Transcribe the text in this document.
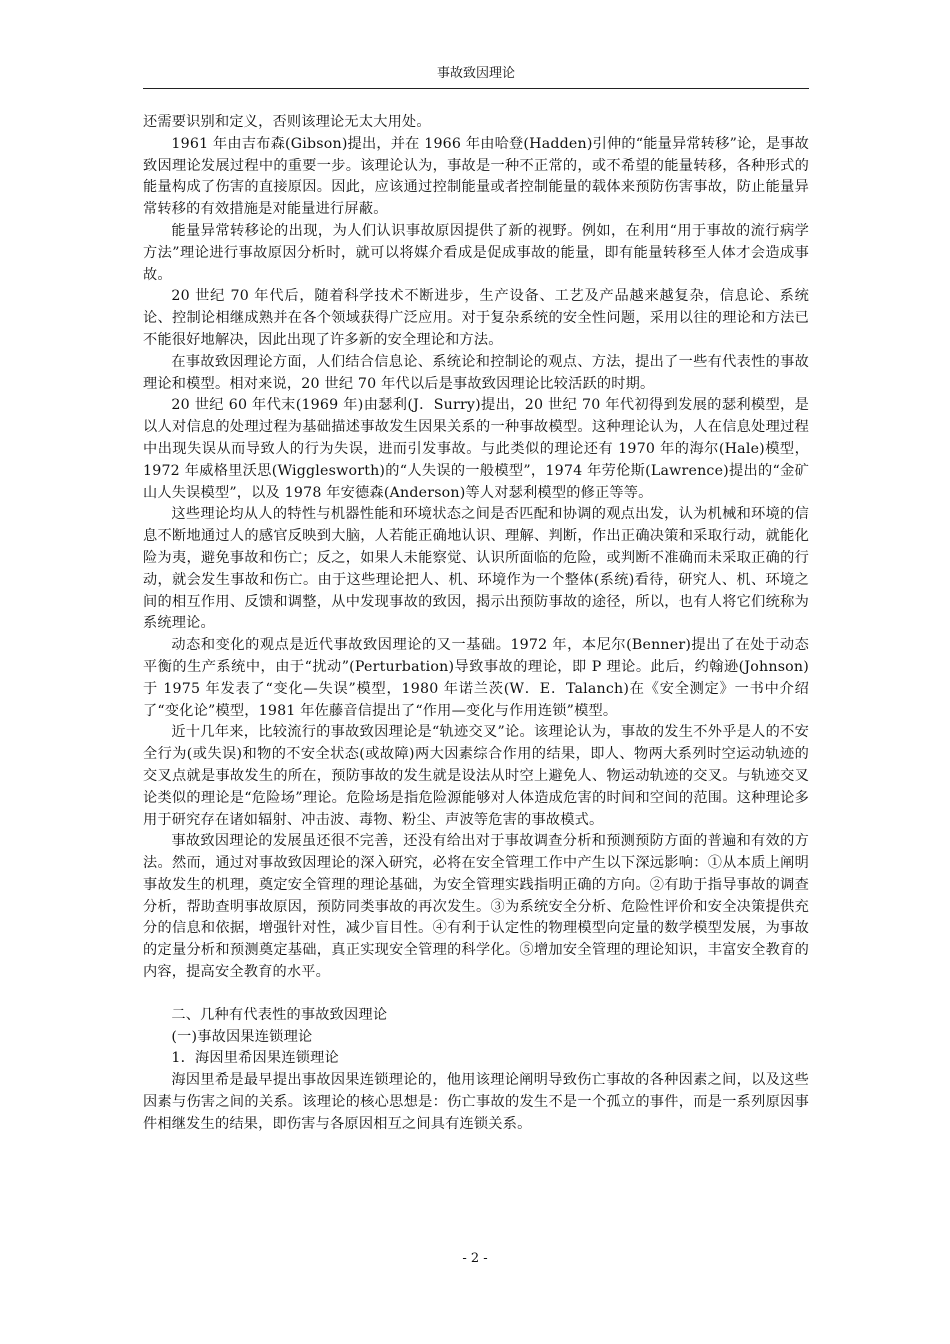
事故致因理论

还需要识别和定义，否则该理论无太大用处。

1961 年由吉布森(Gibson)提出，并在 1966 年由哈登(Hadden)引伸的“能量异常转移”论，是事故致因理论发展过程中的重要一步。该理论认为，事故是一种不正常的，或不希望的能量转移，各种形式的能量构成了伤害的直接原因。因此，应该通过控制能量或者控制能量的载体来预防伤害事故，防止能量异常转移的有效措施是对能量进行屏蔽。

能量异常转移论的出现，为人们认识事故原因提供了新的视野。例如，在利用“用于事故的流行病学方法”理论进行事故原因分析时，就可以将媒介看成是促成事故的能量，即有能量转移至人体才会造成事故。

20 世纪 70 年代后，随着科学技术不断进步，生产设备、工艺及产品越来越复杂，信息论、系统论、控制论相继成熟并在各个领域获得广泛应用。对于复杂系统的安全性问题，采用以往的理论和方法已不能很好地解决，因此出现了许多新的安全理论和方法。

在事故致因理论方面，人们结合信息论、系统论和控制论的观点、方法，提出了一些有代表性的事故理论和模型。相对来说，20 世纪 70 年代以后是事故致因理论比较活跃的时期。

20 世纪 60 年代末(1969 年)由瑟利(J．Surry)提出，20 世纪 70 年代初得到发展的瑟利模型，是以人对信息的处理过程为基础描述事故发生因果关系的一种事故模型。这种理论认为，人在信息处理过程中出现失误从而导致人的行为失误，进而引发事故。与此类似的理论还有 1970 年的海尔(Hale)模型，1972 年威格里沃思(Wigglesworth)的“人失误的一般模型”，1974 年劳伦斯(Lawrence)提出的“金矿山人失误模型”，以及 1978 年安德森(Anderson)等人对瑟利模型的修正等等。

这些理论均从人的特性与机器性能和环境状态之间是否匹配和协调的观点出发，认为机械和环境的信息不断地通过人的感官反映到大脑，人若能正确地认识、理解、判断，作出正确决策和采取行动，就能化险为夷，避免事故和伤亡；反之，如果人未能察觉、认识所面临的危险，或判断不准确而未采取正确的行动，就会发生事故和伤亡。由于这些理论把人、机、环境作为一个整体(系统)看待，研究人、机、环境之间的相互作用、反馈和调整，从中发现事故的致因，揭示出预防事故的途径，所以，也有人将它们统称为系统理论。

动态和变化的观点是近代事故致因理论的又一基础。1972 年，本尼尔(Benner)提出了在处于动态平衡的生产系统中，由于“扰动”(Perturbation)导致事故的理论，即 P 理论。此后，约翰逊(Johnson)于 1975 年发表了“变化—失误”模型，1980 年诺兰茨(W．E．Talanch)在《安全测定》一书中介绍了“变化论”模型，1981 年佐藤音信提出了“作用—变化与作用连锁”模型。

近十几年来，比较流行的事故致因理论是“轨迹交叉”论。该理论认为，事故的发生不外乎是人的不安全行为(或失误)和物的不安全状态(或故障)两大因素综合作用的结果，即人、物两大系列时空运动轨迹的交叉点就是事故发生的所在，预防事故的发生就是设法从时空上避免人、物运动轨迹的交叉。与轨迹交叉论类似的理论是“危险场”理论。危险场是指危险源能够对人体造成危害的时间和空间的范围。这种理论多用于研究存在诸如辐射、冲击波、毒物、粉尘、声波等危害的事故模式。

事故致因理论的发展虽还很不完善，还没有给出对于事故调查分析和预测预防方面的普遍和有效的方法。然而，通过对事故致因理论的深入研究，必将在安全管理工作中产生以下深远影响：①从本质上阐明事故发生的机理，奠定安全管理的理论基础，为安全管理实践指明正确的方向。②有助于指导事故的调查分析，帮助查明事故原因，预防同类事故的再次发生。③为系统安全分析、危险性评价和安全决策提供充分的信息和依据，增强针对性，减少盲目性。④有利于认定性的物理模型向定量的数学模型发展，为事故的定量分析和预测奠定基础，真正实现安全管理的科学化。⑤增加安全管理的理论知识，丰富安全教育的内容，提高安全教育的水平。

二、几种有代表性的事故致因理论

(一)事故因果连锁理论

1．海因里希因果连锁理论

海因里希是最早提出事故因果连锁理论的，他用该理论阐明导致伤亡事故的各种因素之间，以及这些因素与伤害之间的关系。该理论的核心思想是：伤亡事故的发生不是一个孤立的事件，而是一系列原因事件相继发生的结果，即伤害与各原因相互之间具有连锁关系。

- 2 -
